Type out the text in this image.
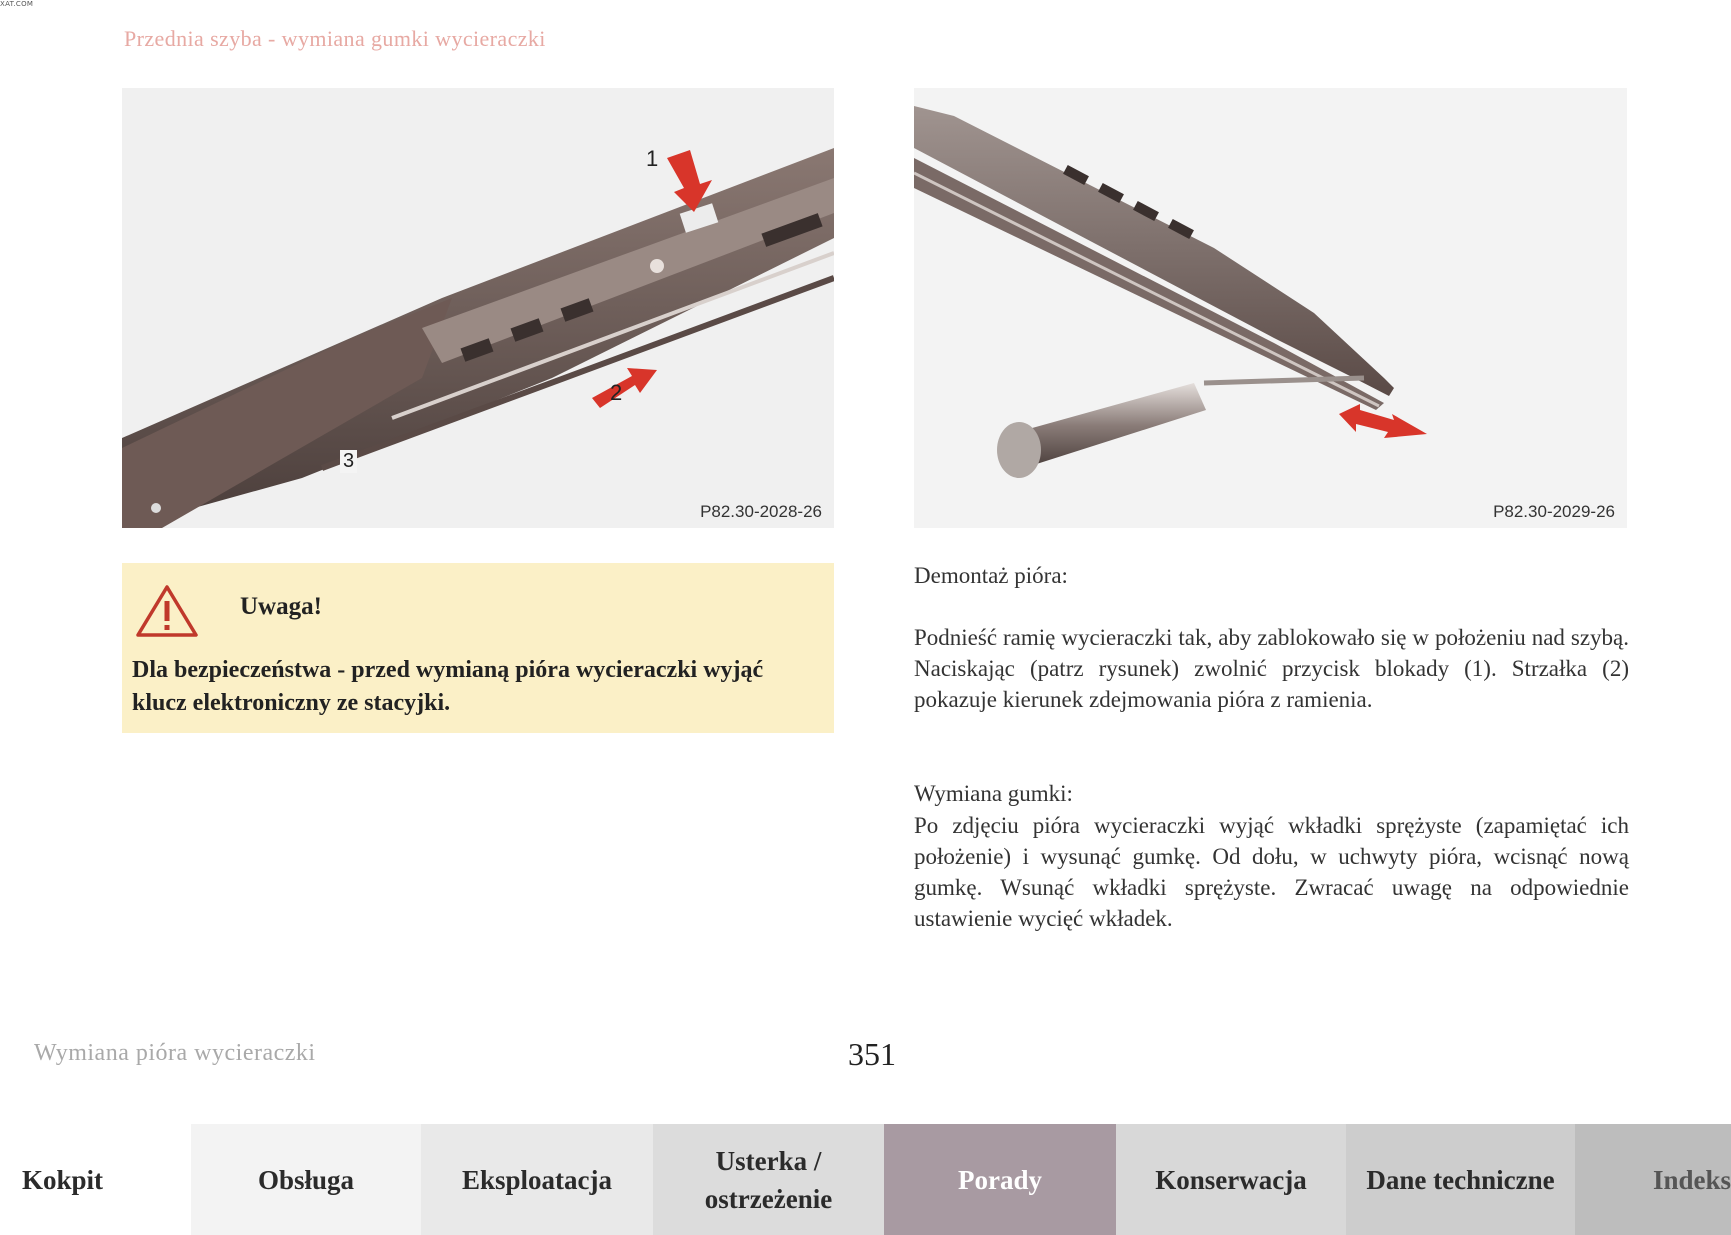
XAT.COM
Przednia szyba - wymiana gumki wycieraczki
1
2
3
P82.30-2028-26	P82.30-2029-26
Uwaga!
Dla bezpieczeństwa - przed wymianą pióra wycieraczki wyjąć klucz elektroniczny ze stacyjki.

Demontaż pióra:

Podnieść ramię wycieraczki tak, aby zablokowało się w położeniu nad szybą. Naciskając (patrz rysunek) zwolnić przycisk blokady (1). Strzałka (2) pokazuje kierunek zdejmowania pióra z ramienia.

Wymiana gumki:

Po zdjęciu pióra wycieraczki wyjąć wkładki sprężyste (zapamiętać ich położenie) i wysunąć gumkę. Od dołu, w uchwyty pióra, wcisnąć nową gumkę. Wsunąć wkładki sprężyste. Zwracać uwagę na odpowiednie ustawienie wycięć wkładek.

Wymiana pióra wycieraczki	351
Kokpit	Obsługa	Eksploatacja
Usterka / ostrzeżenie
Porady	Konserwacja	Dane techniczne	Indeks
